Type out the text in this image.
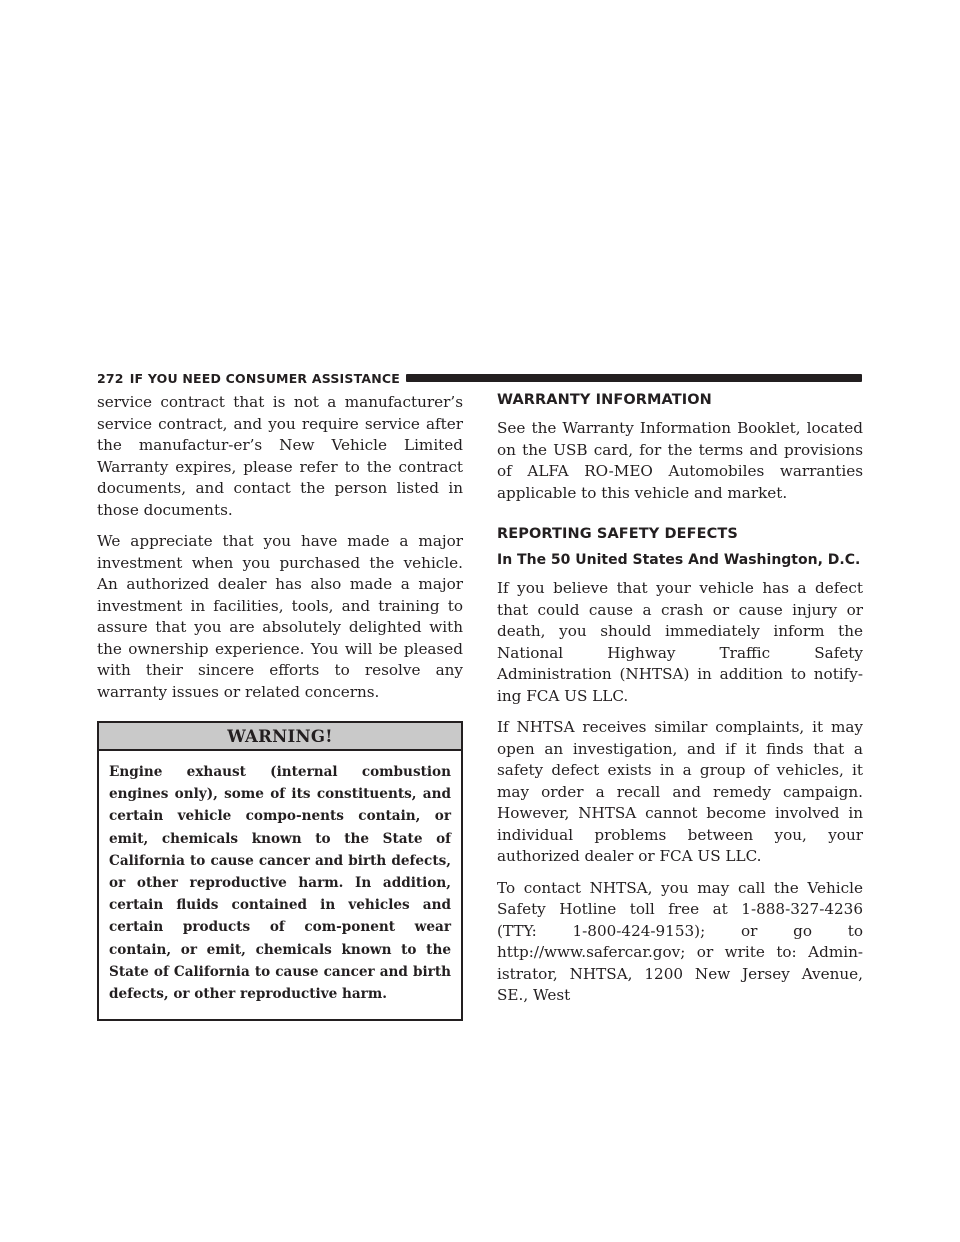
272 IF YOU NEED CONSUMER ASSISTANCE

service contract that is not a manufacturer’s service contract, and you require service after the manufactur-er’s New Vehicle Limited Warranty expires, please refer to the contract documents, and contact the person listed in those documents.

We appreciate that you have made a major investment when you purchased the vehicle. An authorized dealer has also made a major investment in facilities, tools, and training to assure that you are absolutely delighted with the ownership experience. You will be pleased with their sincere efforts to resolve any warranty issues or related concerns.

WARNING!
Engine exhaust (internal combustion engines only), some of its constituents, and certain vehicle compo-nents contain, or emit, chemicals known to the State of California to cause cancer and birth defects, or other reproductive harm. In addition, certain fluids contained in vehicles and certain products of com-ponent wear contain, or emit, chemicals known to the State of California to cause cancer and birth defects, or other reproductive harm.
WARRANTY INFORMATION

See the Warranty Information Booklet, located on the USB card, for the terms and provisions of ALFA RO-MEO Automobiles warranties applicable to this vehicle and market.

REPORTING SAFETY DEFECTS
In The 50 United States And Washington, D.C.

If you believe that your vehicle has a defect that could cause a crash or cause injury or death, you should immediately inform the National Highway Traffic Safety Administration (NHTSA) in addition to notify-ing FCA US LLC.

If NHTSA receives similar complaints, it may open an investigation, and if it finds that a safety defect exists in a group of vehicles, it may order a recall and remedy campaign. However, NHTSA cannot become involved in individual problems between you, your authorized dealer or FCA US LLC.

To contact NHTSA, you may call the Vehicle Safety Hotline toll free at 1-888-327-4236 (TTY: 1-800-424-9153); or go to http://www.safercar.gov; or write to: Admin-istrator, NHTSA, 1200 New Jersey Avenue, SE., West
